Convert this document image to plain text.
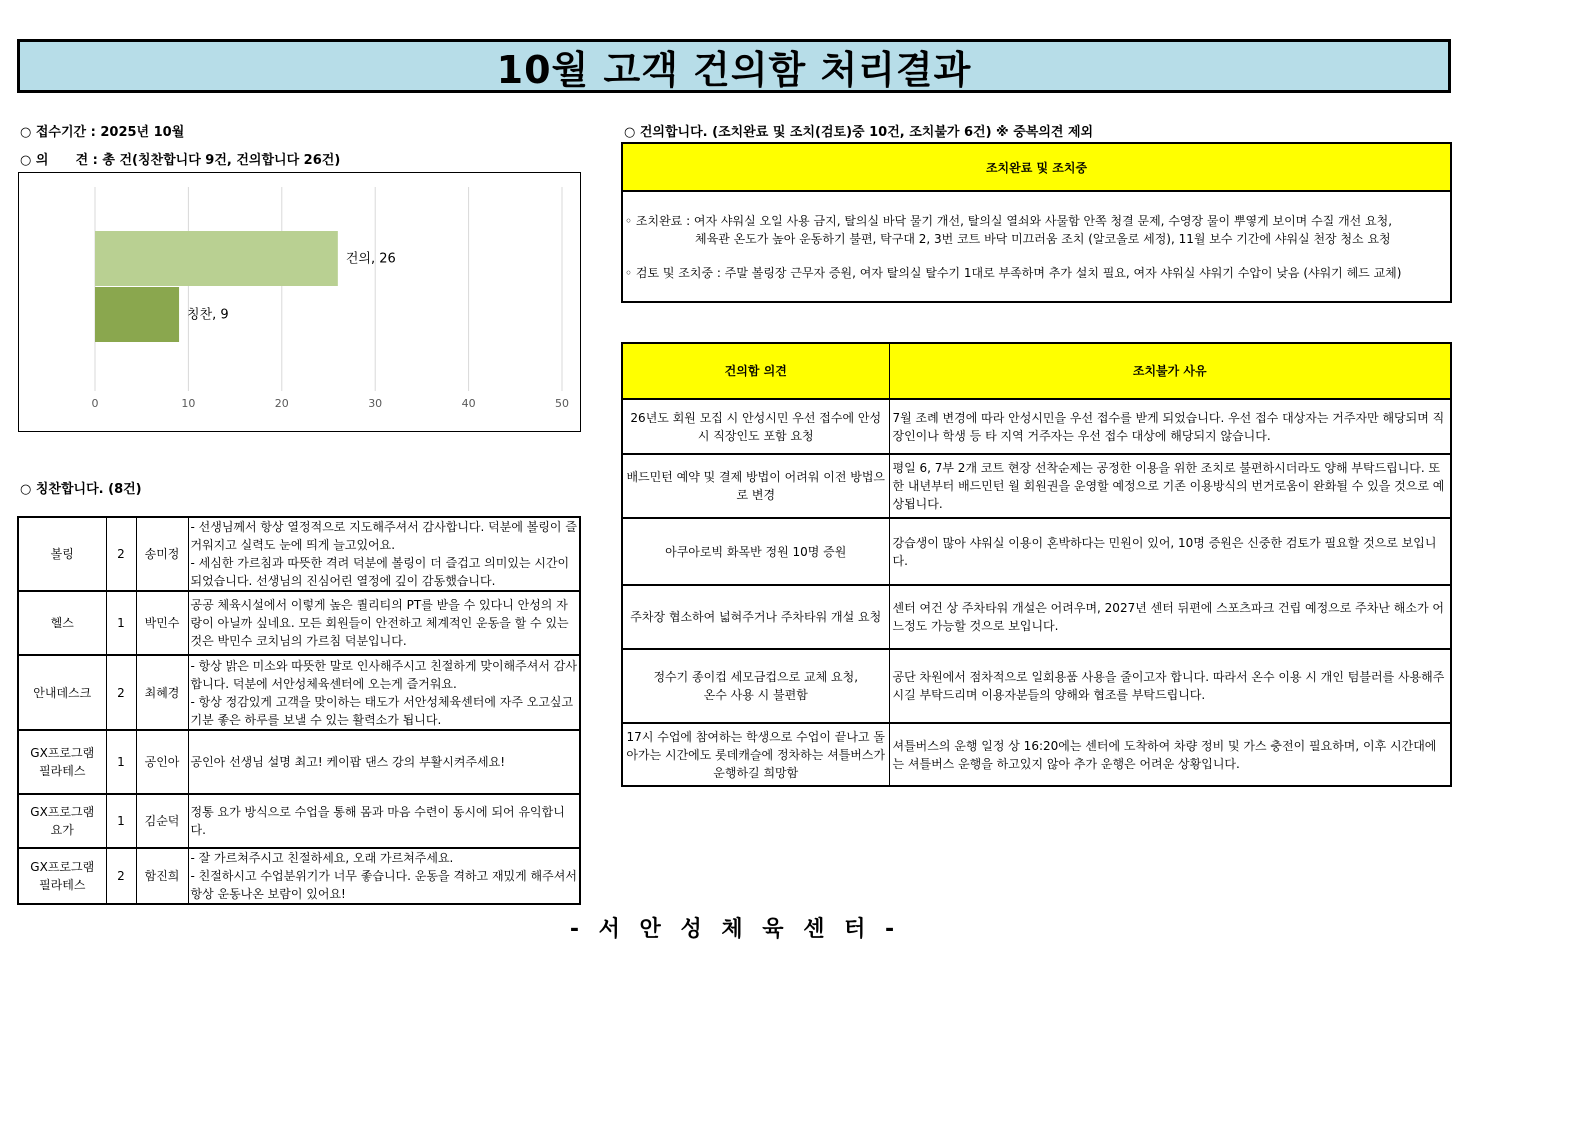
10월 고객 건의함 처리결과
○ 접수기간 : 2025년 10월
○ 의      견 : 총 건(칭찬합니다 9건, 건의합니다 26건)
0	10	20	30	40	50
건의, 26
칭찬, 9
○ 칭찬합니다. (8건)
볼링	2	송미정	- 선생님께서 항상 열정적으로 지도해주셔서 감사합니다. 덕분에 볼링이 즐거워지고 실력도 눈에 띄게 늘고있어요.
- 세심한 가르침과 따뜻한 격려 덕분에 볼링이 더 즐겁고 의미있는 시간이 되었습니다. 선생님의 진심어린 열정에 깊이 감동했습니다.
헬스	1	박민수	공공 체육시설에서 이렇게 높은 퀄리티의 PT를 받을 수 있다니 안성의 자랑이 아닐까 싶네요. 모든 회원들이 안전하고 체계적인 운동을 할 수 있는 것은 박민수 코치님의 가르침 덕분입니다.
안내데스크	2	최혜경	- 항상 밝은 미소와 따뜻한 말로 인사해주시고 친절하게 맞이해주셔서 감사합니다. 덕분에 서안성체육센터에 오는게 즐거워요.
- 항상 정감있게 고객을 맞이하는 태도가 서안성체육센터에 자주 오고싶고 기분 좋은 하루를 보낼 수 있는 활력소가 됩니다.
GX프로그램
필라테스	1	공인아	공인아 선생님 설명 최고! 케이팝 댄스 강의 부활시켜주세요!
GX프로그램
요가	1	김순덕	정통 요가 방식으로 수업을 통해 몸과 마음 수련이 동시에 되어 유익합니다.
GX프로그램
필라테스	2	함진희	- 잘 가르쳐주시고 친절하세요, 오래 가르쳐주세요.
- 친절하시고 수업분위기가 너무 좋습니다. 운동을 격하고 재밌게 해주셔서 항상 운동나온 보람이 있어요!
○ 건의합니다. (조치완료 및 조치(검토)중 10건, 조치불가 6건) ※ 중복의견 제외
조치완료 및 조치중
◦ 조치완료 : 여자 샤워실 오일 사용 금지, 탈의실 바닥 물기 개선, 탈의실 열쇠와 사물함 안쪽 청결 문제, 수영장 물이 뿌옇게 보이며 수질 개선 요청,
체육관 온도가 높아 운동하기 불편, 탁구대 2, 3번 코트 바닥 미끄러움 조치 (알코올로 세정), 11월 보수 기간에 샤워실 천장 청소 요청
◦ 검토 및 조치중 : 주말 볼링장 근무자 증원, 여자 탈의실 탈수기 1대로 부족하며 추가 설치 필요, 여자 샤워실 샤워기 수압이 낮음 (샤워기 헤드 교체)
건의함 의견	조치불가 사유
26년도 회원 모집 시 안성시민 우선 접수에 안성시 직장인도 포함 요청	7월 조례 변경에 따라 안성시민을 우선 접수를 받게 되었습니다. 우선 접수 대상자는 거주자만 해당되며 직장인이나 학생 등 타 지역 거주자는 우선 접수 대상에 해당되지 않습니다.
배드민턴 예약 및 결제 방법이 어려워 이전 방법으로 변경	평일 6, 7부 2개 코트 현장 선착순제는 공정한 이용을 위한 조치로 불편하시더라도 양해 부탁드립니다. 또한 내년부터 배드민턴 월 회원권을 운영할 예정으로 기존 이용방식의 번거로움이 완화될 수 있을 것으로 예상됩니다.
아쿠아로빅 화목반 정원 10명 증원	강습생이 많아 샤워실 이용이 혼박하다는 민원이 있어, 10명 증원은 신중한 검토가 필요할 것으로 보입니다.
주차장 협소하여 넓혀주거나 주차타워 개설 요청	센터 여건 상 주차타워 개설은 어려우며, 2027년 센터 뒤편에 스포츠파크 건립 예정으로 주차난 해소가 어느정도 가능할 것으로 보입니다.
정수기 종이컵 세모금컵으로 교체 요청,
온수 사용 시 불편함	공단 차원에서 점차적으로 일회용품 사용을 줄이고자 합니다. 따라서 온수 이용 시 개인 텀블러를 사용해주시길 부탁드리며 이용자분들의 양해와 협조를 부탁드립니다.
17시 수업에 참여하는 학생으로 수업이 끝나고 돌아가는 시간에도 롯데캐슬에 정차하는 셔틀버스가 운행하길 희망함	셔틀버스의 운행 일정 상 16:20에는 센터에 도착하여 차량 정비 및 가스 충전이 필요하며, 이후 시간대에는 셔틀버스 운행을 하고있지 않아 추가 운행은 어려운 상황입니다.
- 서 안 성 체 육 센 터 -
